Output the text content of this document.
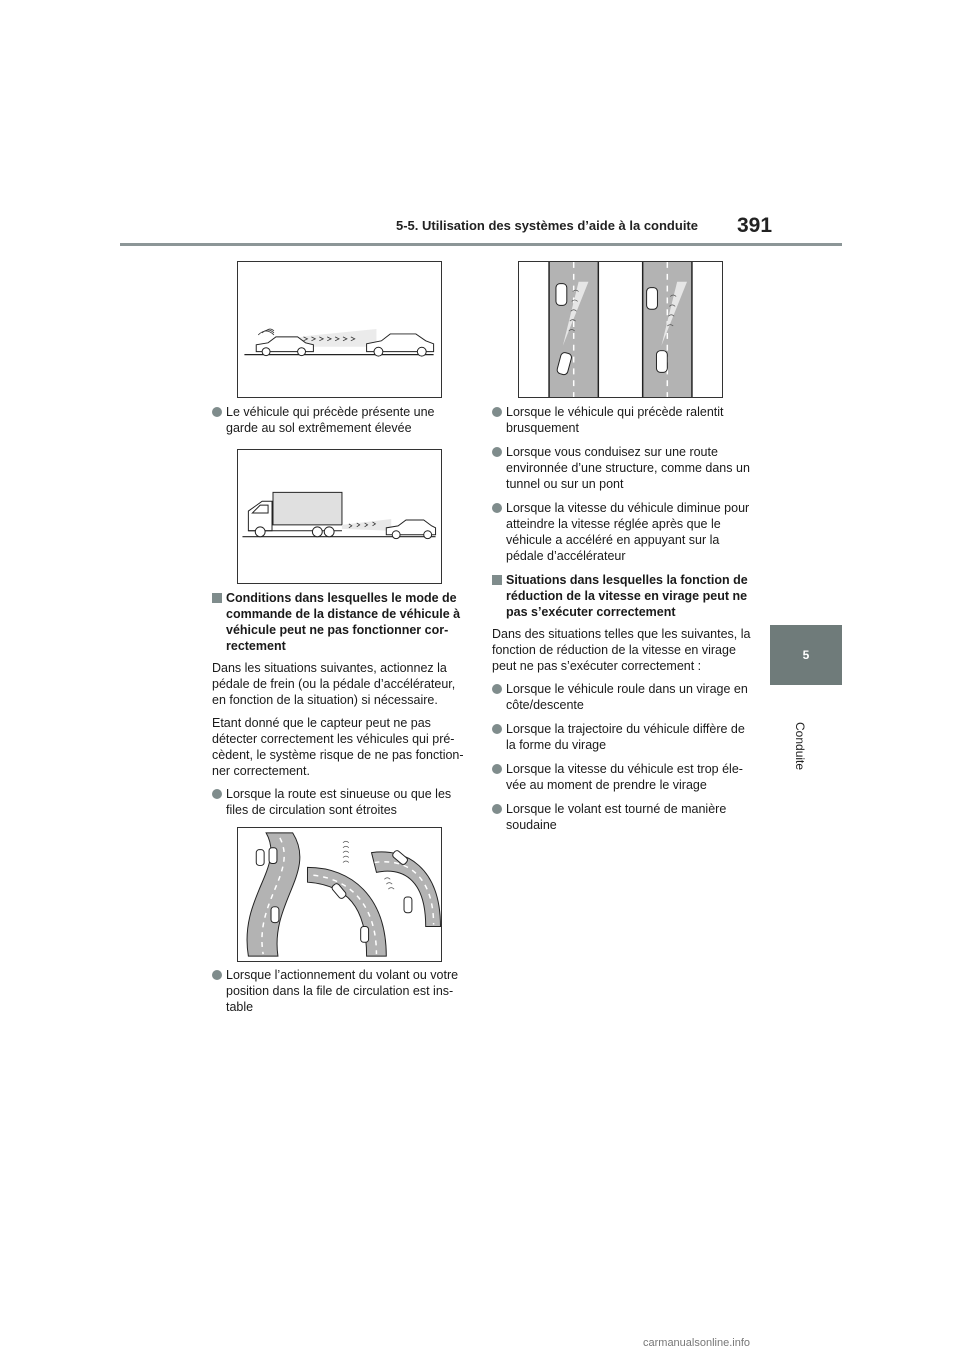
5-5. Utilisation des systèmes d’aide à la conduite 391
5
Conduite
Le véhicule qui précède présente une garde au sol extrêmement élevée
Conditions dans lesquelles le mode de commande de la distance de véhicule à véhicule peut ne pas fonctionner cor-rectement

Dans les situations suivantes, actionnez la pédale de frein (ou la pédale d’accélérateur, en fonction de la situation) si nécessaire.

Etant donné que le capteur peut ne pas détecter correctement les véhicules qui pré-cèdent, le système risque de ne pas fonction-ner correctement.

Lorsque la route est sinueuse ou que les files de circulation sont étroites
Lorsque l’actionnement du volant ou votre position dans la file de circulation est ins-table
Lorsque le véhicule qui précède ralentit brusquement
Lorsque vous conduisez sur une route environnée d’une structure, comme dans un tunnel ou sur un pont
Lorsque la vitesse du véhicule diminue pour atteindre la vitesse réglée après que le véhicule a accéléré en appuyant sur la pédale d’accélérateur
Situations dans lesquelles la fonction de réduction de la vitesse en virage peut ne pas s’exécuter correctement

Dans des situations telles que les suivantes, la fonction de réduction de la vitesse en virage peut ne pas s’exécuter correctement :

Lorsque le véhicule roule dans un virage en côte/descente
Lorsque la trajectoire du véhicule diffère de la forme du virage
Lorsque la vitesse du véhicule est trop éle-vée au moment de prendre le virage
Lorsque le volant est tourné de manière soudaine
carmanualsonline.info
